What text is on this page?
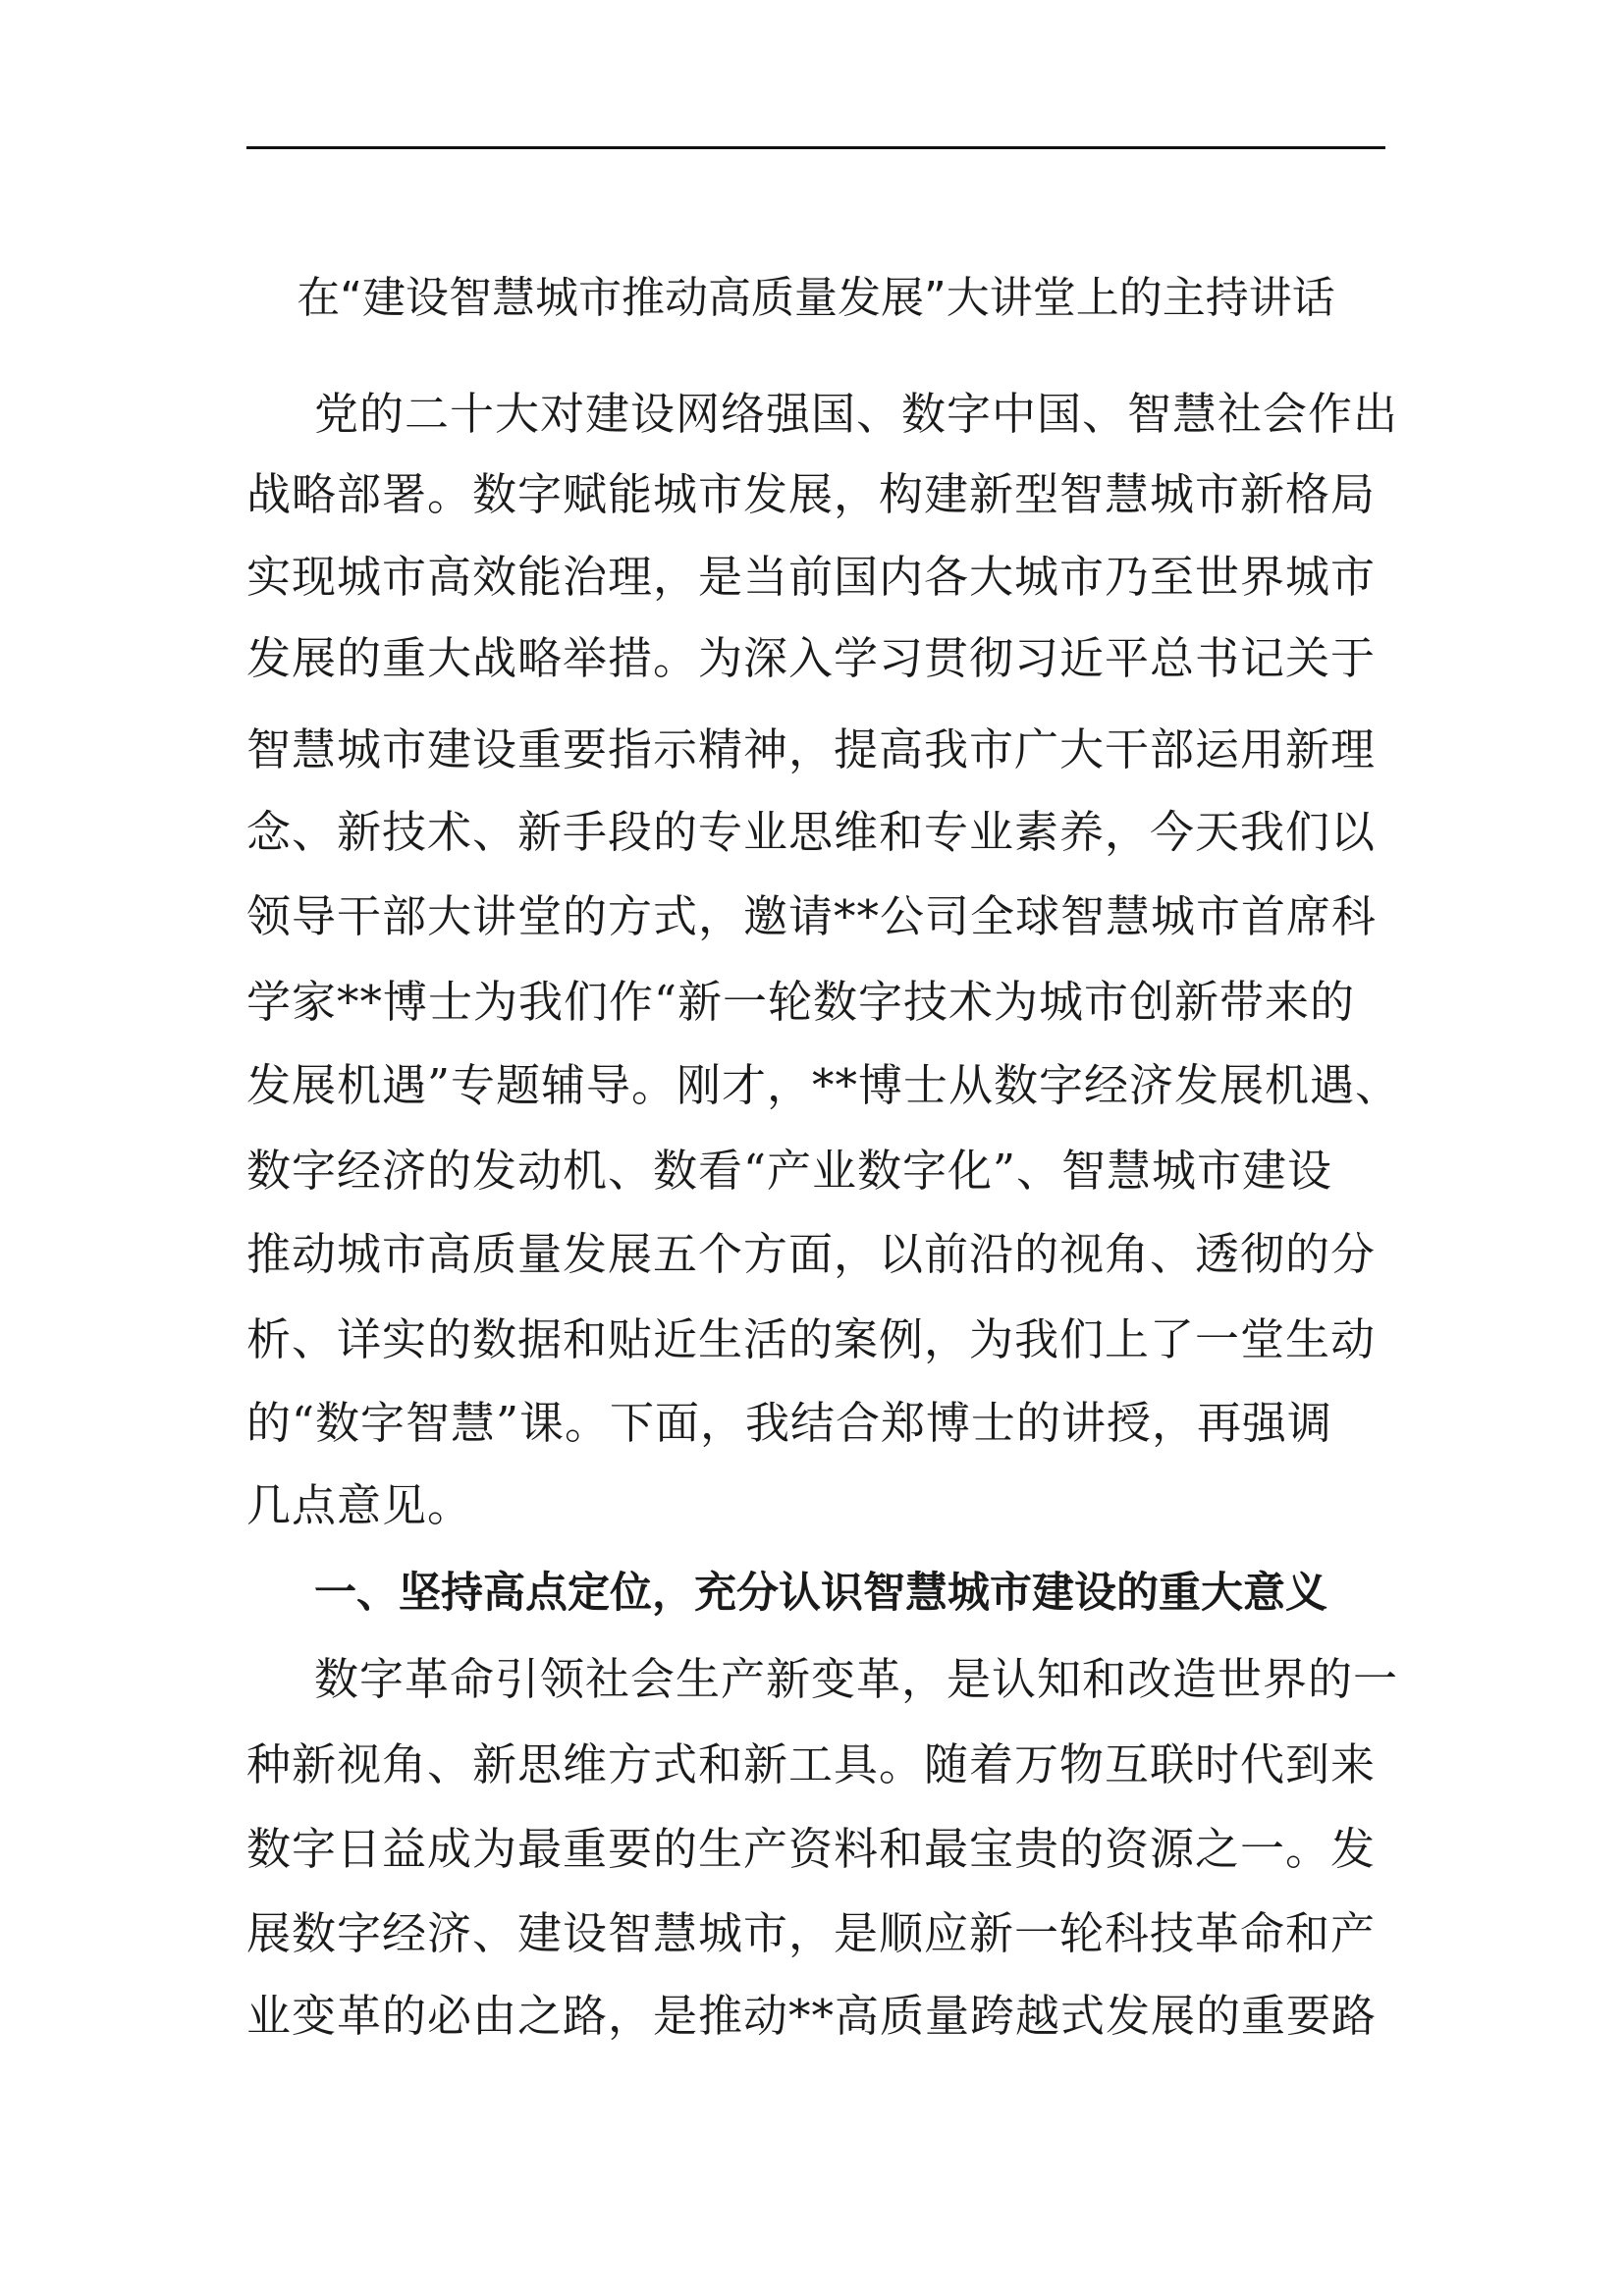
在“建设智慧城市推动高质量发展”大讲堂上的主持讲话
党的二十大对建设网络强国、数字中国、智慧社会作出
战略部署。数字赋能城市发展，构建新型智慧城市新格局
实现城市高效能治理，是当前国内各大城市乃至世界城市
发展的重大战略举措。为深入学习贯彻习近平总书记关于
智慧城市建设重要指示精神，提高我市广大干部运用新理
念、新技术、新手段的专业思维和专业素养，今天我们以
领导干部大讲堂的方式，邀请**公司全球智慧城市首席科
学家**博士为我们作“新一轮数字技术为城市创新带来的
发展机遇”专题辅导。刚才，**博士从数字经济发展机遇、
数字经济的发动机、数看“产业数字化”、智慧城市建设
推动城市高质量发展五个方面，以前沿的视角、透彻的分
析、详实的数据和贴近生活的案例，为我们上了一堂生动
的“数字智慧”课。下面，我结合郑博士的讲授，再强调
几点意见。
一、坚持高点定位，充分认识智慧城市建设的重大意义
数字革命引领社会生产新变革，是认知和改造世界的一
种新视角、新思维方式和新工具。随着万物互联时代到来
数字日益成为最重要的生产资料和最宝贵的资源之一。发
展数字经济、建设智慧城市，是顺应新一轮科技革命和产
业变革的必由之路，是推动**高质量跨越式发展的重要路
